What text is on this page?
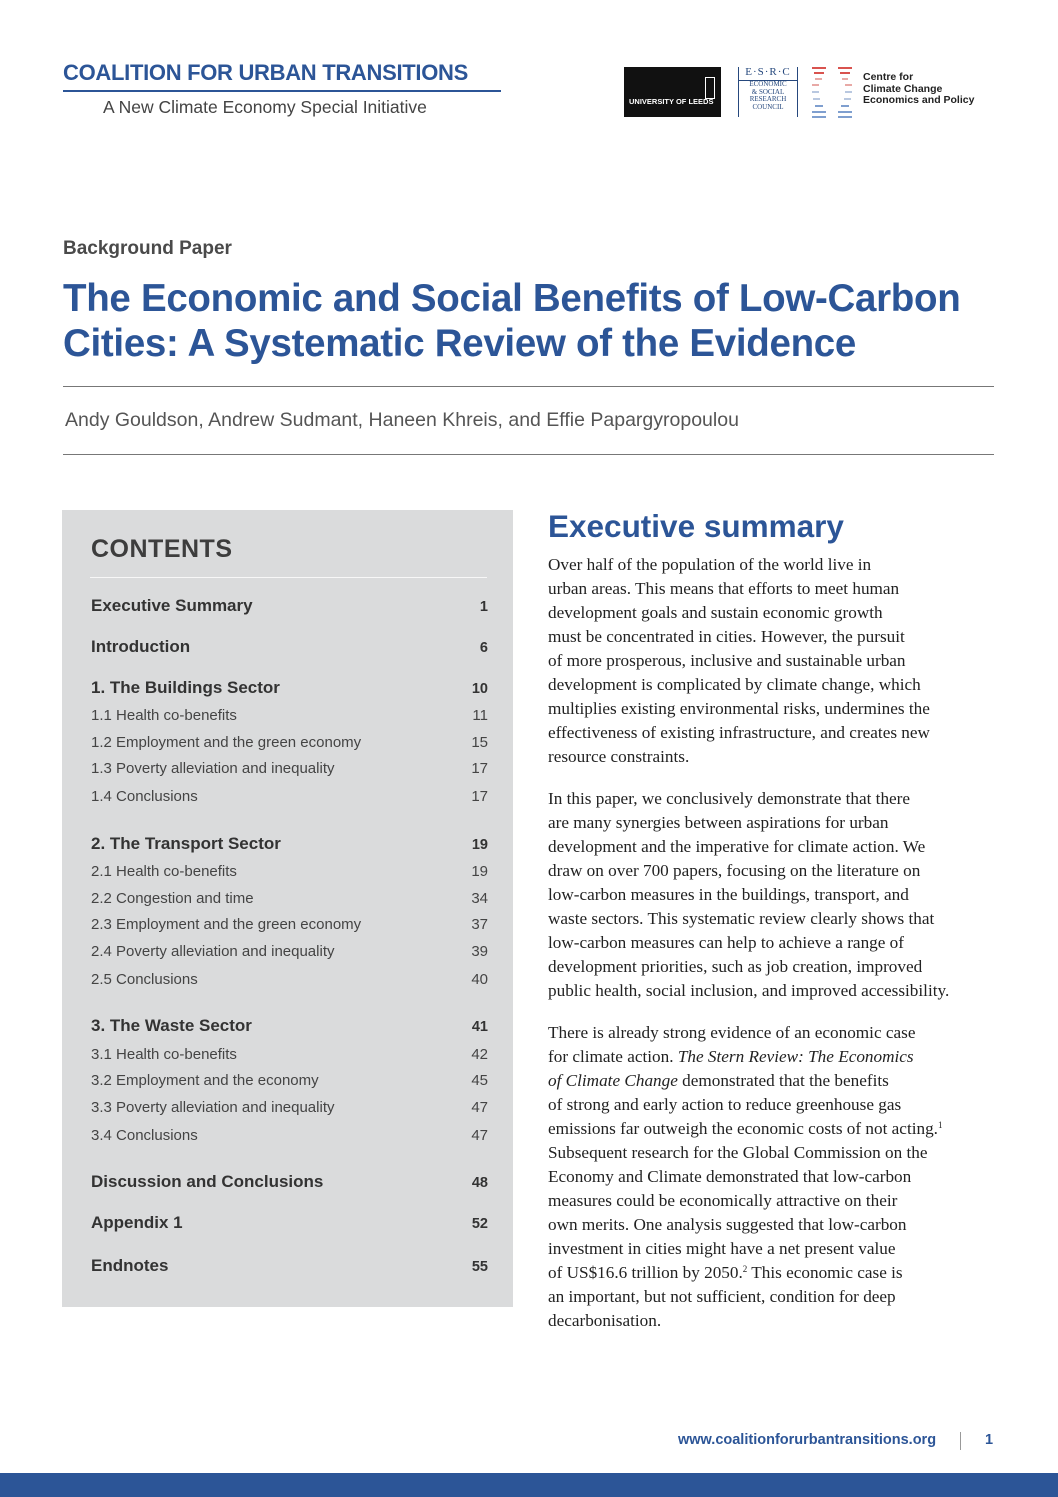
COALITION FOR URBAN TRANSITIONS
A New Climate Economy Special Initiative	UNIVERSITY OF LEEDS
E·S·R·C
ECONOMIC
& SOCIAL
RESEARCH
COUNCIL
Centre for
Climate Change
Economics and Policy
Background Paper
The Economic and Social Benefits of Low-Carbon
Cities: A Systematic Review of the Evidence
Andy Gouldson, Andrew Sudmant, Haneen Khreis, and Effie Papargyropoulou
CONTENTS
Executive Summary	1
Introduction	6
1. The Buildings Sector	10
1.1 Health co-benefits	11
1.2 Employment and the green economy	15
1.3 Poverty alleviation and inequality	17
1.4 Conclusions	17
2. The Transport Sector	19
2.1 Health co-benefits	19
2.2 Congestion and time	34
2.3 Employment and the green economy	37
2.4 Poverty alleviation and inequality	39
2.5 Conclusions	40
3. The Waste Sector	41
3.1 Health co-benefits	42
3.2 Employment and the economy	45
3.3 Poverty alleviation and inequality	47
3.4 Conclusions	47
Discussion and Conclusions	48
Appendix 1	52
Endnotes	55
Executive summary
Over half of the population of the world live in
urban areas. This means that efforts to meet human
development goals and sustain economic growth
must be concentrated in cities. However, the pursuit
of more prosperous, inclusive and sustainable urban
development is complicated by climate change, which
multiplies existing environmental risks, undermines the
effectiveness of existing infrastructure, and creates new
resource constraints.
In this paper, we conclusively demonstrate that there
are many synergies between aspirations for urban
development and the imperative for climate action. We
draw on over 700 papers, focusing on the literature on
low-carbon measures in the buildings, transport, and
waste sectors. This systematic review clearly shows that
low-carbon measures can help to achieve a range of
development priorities, such as job creation, improved
public health, social inclusion, and improved accessibility.
There is already strong evidence of an economic case
for climate action. The Stern Review: The Economics
of Climate Change demonstrated that the benefits
of strong and early action to reduce greenhouse gas
emissions far outweigh the economic costs of not acting.$^1$
Subsequent research for the Global Commission on the
Economy and Climate demonstrated that low-carbon
measures could be economically attractive on their
own merits. One analysis suggested that low-carbon
investment in cities might have a net present value
of US$16.6 trillion by 2050.$^2$ This economic case is
an important, but not sufficient, condition for deep
decarbonisation.
www.coalitionforurbantransitions.org	1
